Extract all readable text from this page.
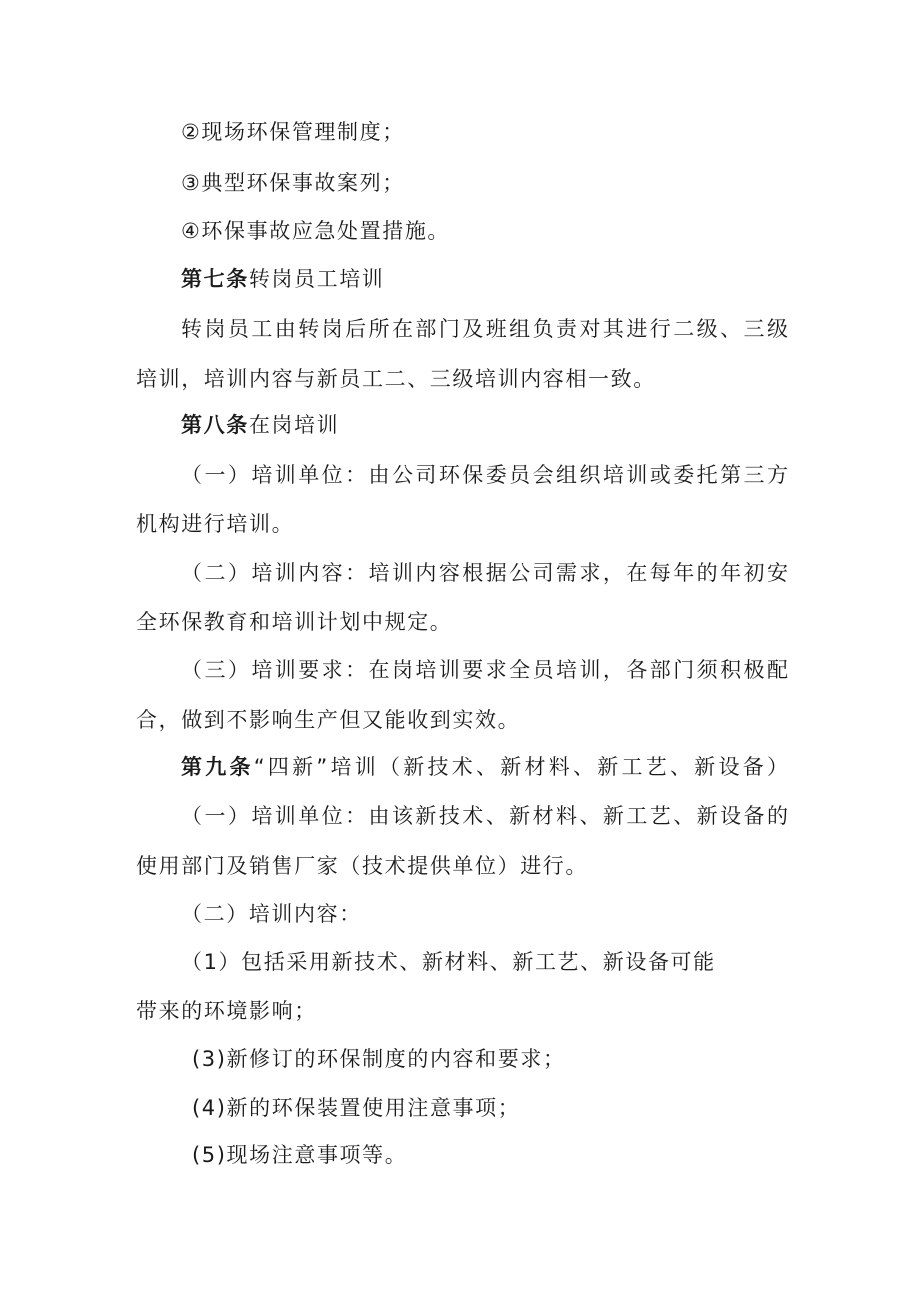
②现场环保管理制度；
③典型环保事故案列；
④环保事故应急处置措施。
第七条转岗员工培训
转岗员工由转岗后所在部门及班组负责对其进行二级、三级
培训，培训内容与新员工二、三级培训内容相一致。
第八条在岗培训
（一）培训单位：由公司环保委员会组织培训或委托第三方
机构进行培训。
（二）培训内容：培训内容根据公司需求，在每年的年初安
全环保教育和培训计划中规定。
（三）培训要求：在岗培训要求全员培训，各部门须积极配
合，做到不影响生产但又能收到实效。
第九条“四新”培训（新技术、新材料、新工艺、新设备）
（一）培训单位：由该新技术、新材料、新工艺、新设备的
使用部门及销售厂家（技术提供单位）进行。
（二）培训内容：
（1）包括采用新技术、新材料、新工艺、新设备可能
带来的环境影响；
(3)新修订的环保制度的内容和要求；
(4)新的环保装置使用注意事项；
(5)现场注意事项等。
